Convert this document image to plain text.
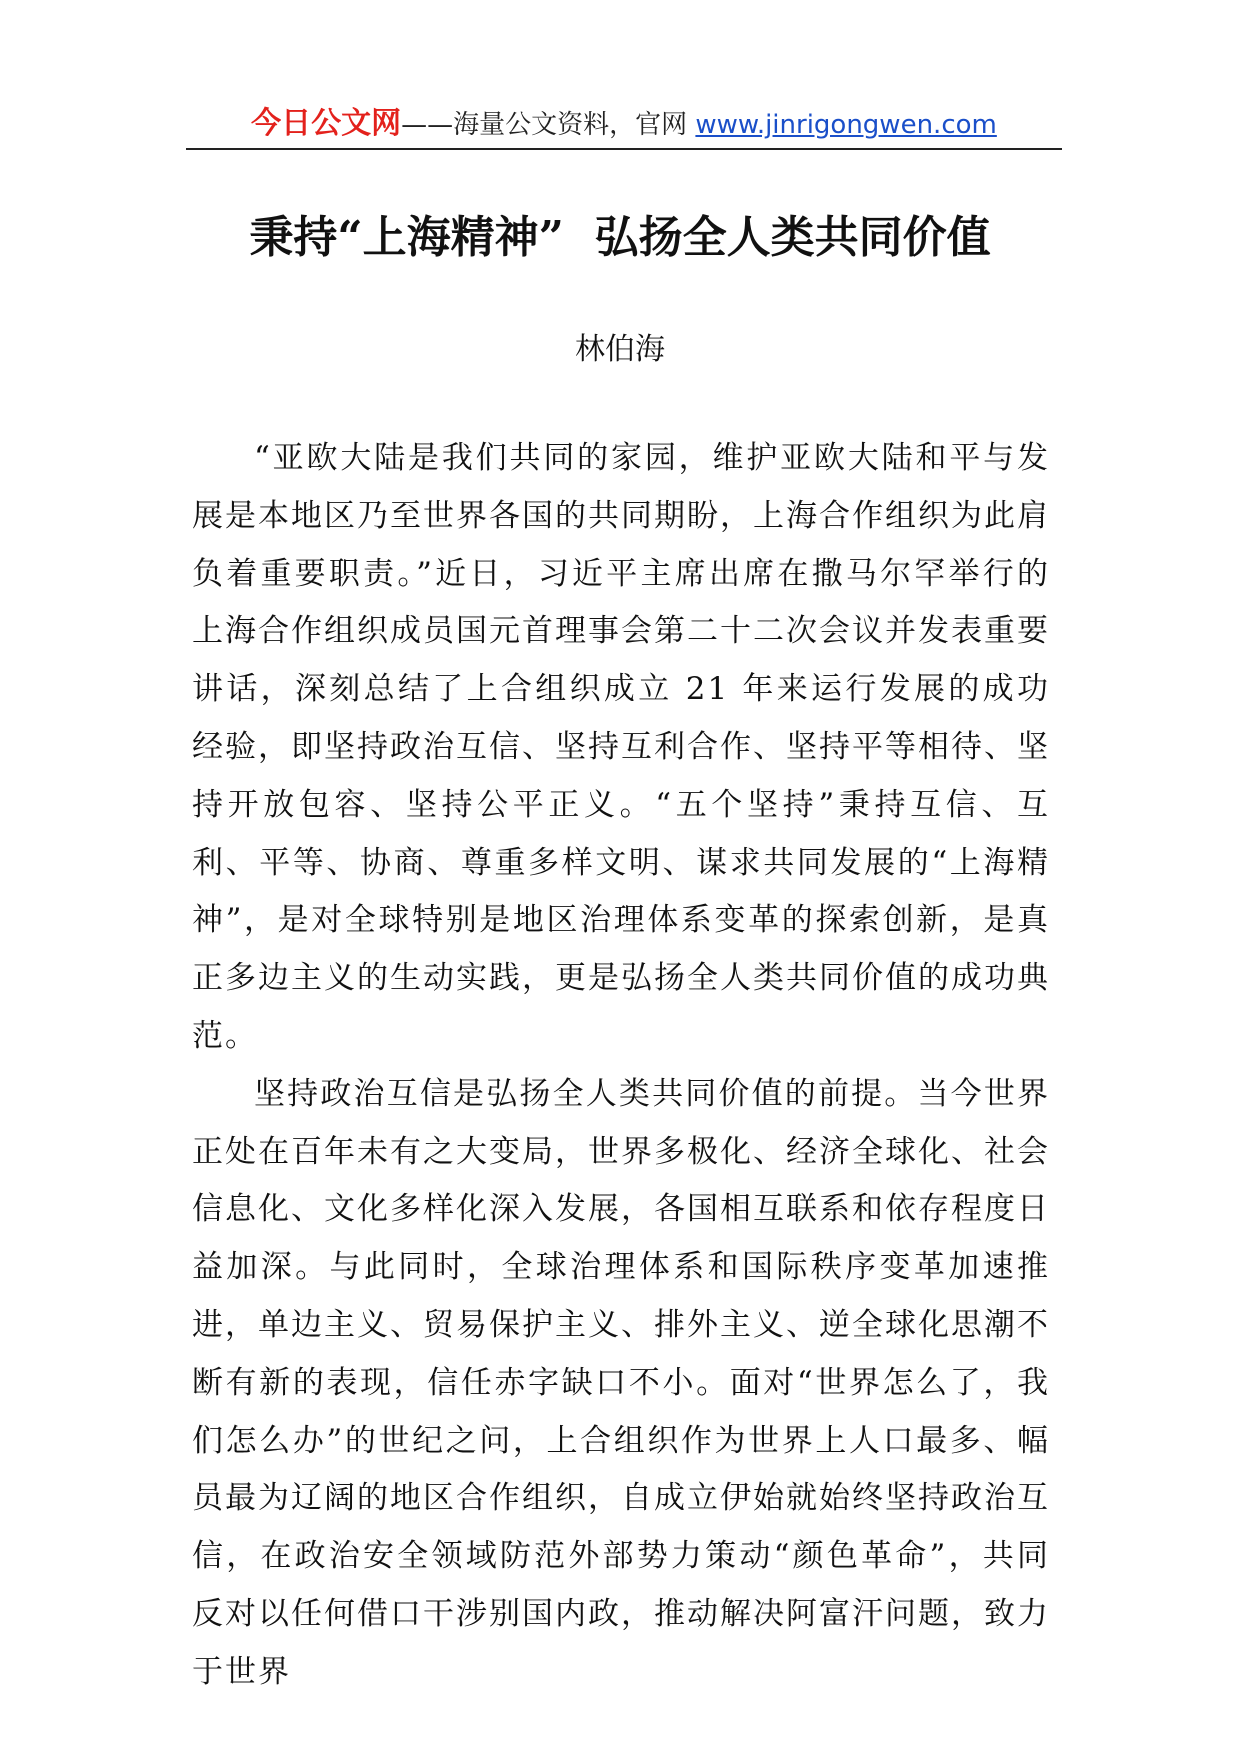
今日公文网——海量公文资料，官网 www.jinrigongwen.com
秉持“上海精神”  弘扬全人类共同价值
林伯海

“亚欧大陆是我们共同的家园，维护亚欧大陆和平与发展是本地区乃至世界各国的共同期盼，上海合作组织为此肩负着重要职责。”近日，习近平主席出席在撒马尔罕举行的上海合作组织成员国元首理事会第二十二次会议并发表重要讲话，深刻总结了上合组织成立 21 年来运行发展的成功经验，即坚持政治互信、坚持互利合作、坚持平等相待、坚持开放包容、坚持公平正义。“五个坚持”秉持互信、互利、平等、协商、尊重多样文明、谋求共同发展的“上海精神”，是对全球特别是地区治理体系变革的探索创新，是真正多边主义的生动实践，更是弘扬全人类共同价值的成功典范。

坚持政治互信是弘扬全人类共同价值的前提。当今世界正处在百年未有之大变局，世界多极化、经济全球化、社会信息化、文化多样化深入发展，各国相互联系和依存程度日益加深。与此同时，全球治理体系和国际秩序变革加速推进，单边主义、贸易保护主义、排外主义、逆全球化思潮不断有新的表现，信任赤字缺口不小。面对“世界怎么了，我们怎么办”的世纪之问，上合组织作为世界上人口最多、幅员最为辽阔的地区合作组织，自成立伊始就始终坚持政治互信，在政治安全领域防范外部势力策动“颜色革命”，共同反对以任何借口干涉别国内政，推动解决阿富汗问题，致力于世界
